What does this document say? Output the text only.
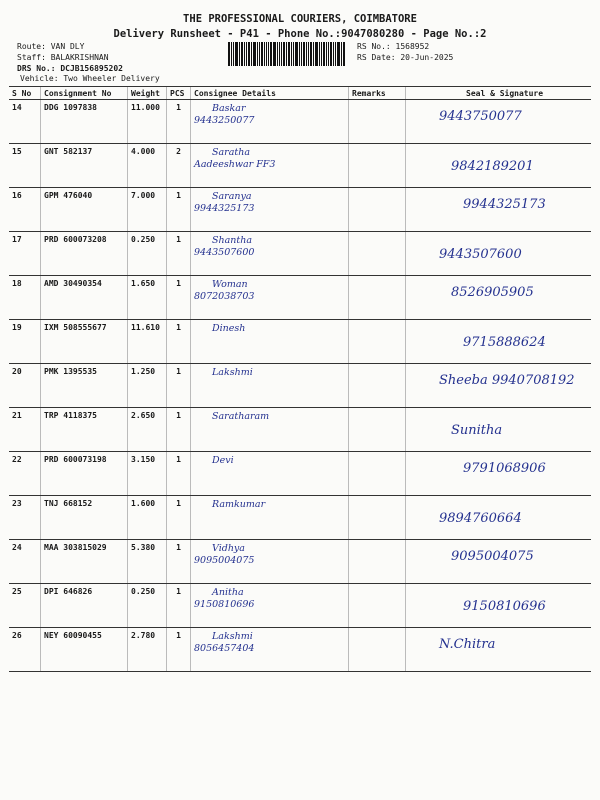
THE PROFESSIONAL COURIERS, COIMBATORE
Delivery Runsheet - P41 - Phone No.:9047080280 - Page No.:2
Route: VAN DLY
Staff: BALAKRISHNAN
DRS No.: DCJB156895202
Vehicle: Two Wheeler Delivery
RS No.: 1568952
RS Date: 20-Jun-2025
S No	Consignment No	Weight	PCS	Consignee Details	Remarks	Seal & Signature
14	DDG 1097838	11.000	1	Baskar
9443250077		9443750077

15	GNT 582137	4.000	2	Saratha
Aadeeshwar FF3		9842189201

16	GPM 476040	7.000	1	Saranya
9944325173		9944325173

17	PRD 600073208	0.250	1	Shantha
9443507600		9443507600

18	AMD 30490354	1.650	1	Woman
8072038703		8526905905

19	IXM 508555677	11.610	1	Dinesh		9715888624

20	PMK 1395535	1.250	1	Lakshmi		Sheeba 9940708192

21	TRP 4118375	2.650	1	Saratharam		Sunitha

22	PRD 600073198	3.150	1	Devi		9791068906

23	TNJ 668152	1.600	1	Ramkumar		9894760664

24	MAA 303815029	5.380	1	Vidhya
9095004075		9095004075

25	DPI 646826	0.250	1	Anitha
9150810696		9150810696

26	NEY 60090455	2.780	1	Lakshmi
8056457404		N.Chitra
